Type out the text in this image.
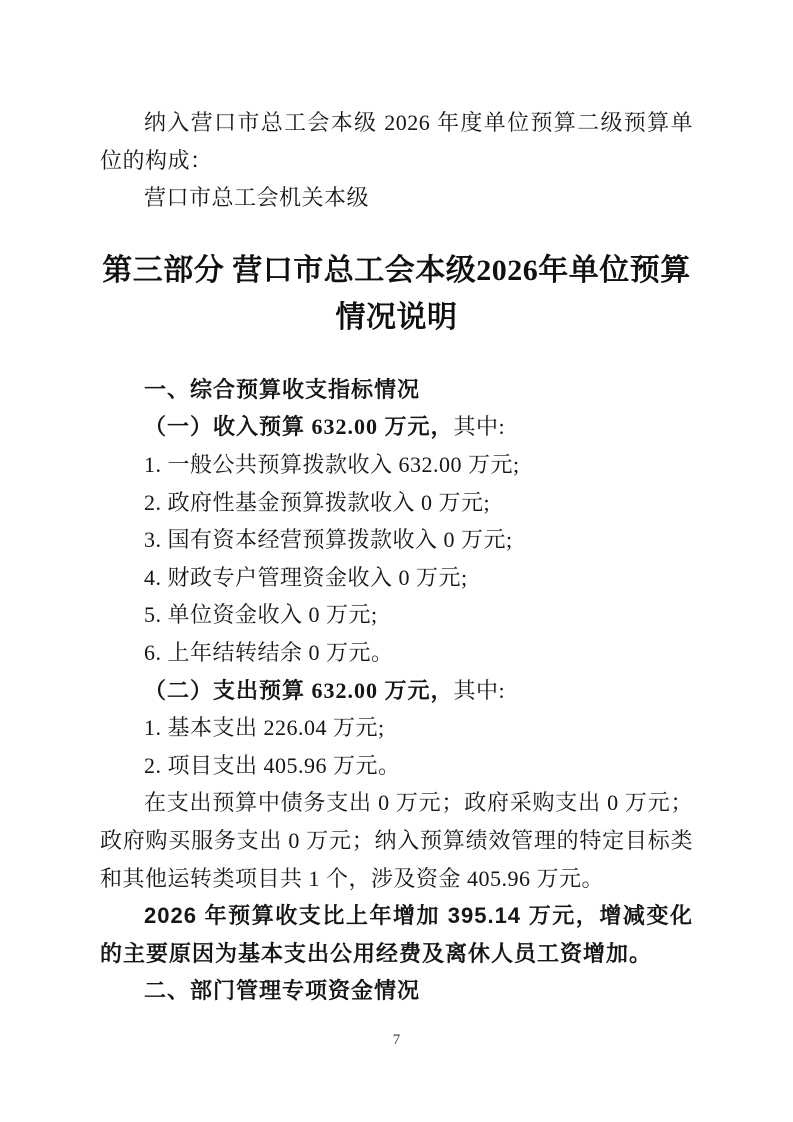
纳入营口市总工会本级 2026 年度单位预算二级预算单位的构成：

营口市总工会机关本级

第三部分 营口市总工会本级2026年单位预算情况说明

一、综合预算收支指标情况

（一）收入预算 632.00 万元，其中:

1. 一般公共预算拨款收入 632.00 万元;

2. 政府性基金预算拨款收入 0 万元;

3. 国有资本经营预算拨款收入 0 万元;

4. 财政专户管理资金收入 0 万元;

5. 单位资金收入 0 万元;

6. 上年结转结余 0 万元。

（二）支出预算 632.00 万元，其中:

1. 基本支出 226.04 万元;

2. 项目支出 405.96 万元。

在支出预算中债务支出 0 万元；政府采购支出 0 万元；政府购买服务支出 0 万元；纳入预算绩效管理的特定目标类和其他运转类项目共 1 个，涉及资金 405.96 万元。

2026 年预算收支比上年增加 395.14 万元，增减变化的主要原因为基本支出公用经费及离休人员工资增加。

二、部门管理专项资金情况

7
